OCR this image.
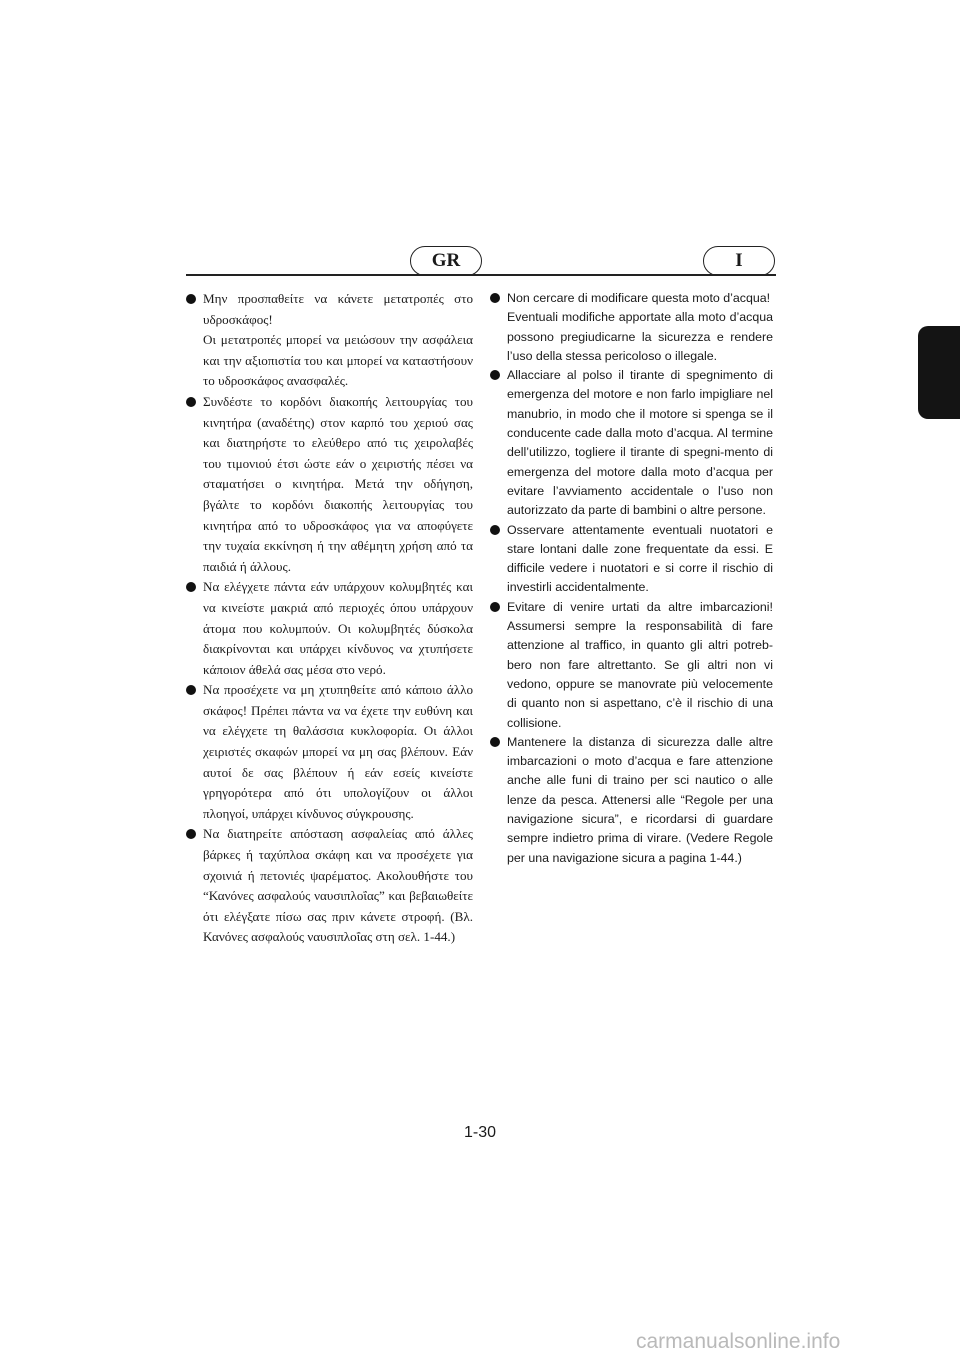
GR	I
Μην προσπαθείτε να κάνετε μετατροπές στο υδροσκάφος!
Οι μετατροπές μπορεί να μειώσουν την ασφάλεια και την αξιοπιστία του και μπορεί να καταστήσουν το υδροσκάφος ανασφαλές.
Συνδέστε το κορδόνι διακοπής λειτουργίας του κινητήρα (αναδέτης) στον καρπό του χεριού σας και διατηρήστε το ελεύθερο από τις χειρολαβές του τιμονιού έτσι ώστε εάν ο χειριστής πέσει να σταματήσει ο κινητήρα. Μετά την οδήγηση, βγάλτε το κορδόνι διακοπής λειτουργίας του κινητήρα από το υδροσκάφος για να αποφύγετε την τυχαία εκκίνηση ή την αθέμητη χρήση από τα παιδιά ή άλλους.
Να ελέγχετε πάντα εάν υπάρχουν κολυμβητές και να κινείστε μακριά από περιοχές όπου υπάρχουν άτομα που κολυμπούν. Οι κολυμβητές δύσκολα διακρίνονται και υπάρχει κίνδυνος να χτυπήσετε κάποιον άθελά σας μέσα στο νερό.
Να προσέχετε να μη χτυπηθείτε από κάποιο άλλο σκάφος! Πρέπει πάντα να να έχετε την ευθύνη και να ελέγχετε τη θαλάσσια κυκλοφορία. Οι άλλοι χειριστές σκαφών μπορεί να μη σας βλέπουν. Εάν αυτοί δε σας βλέπουν ή εάν εσείς κινείστε γρηγορότερα από ότι υπολογίζουν οι άλλοι πλοηγοί, υπάρχει κίνδυνος σύγκρουσης.
Να διατηρείτε απόσταση ασφαλείας από άλλες βάρκες ή ταχύπλοα σκάφη και να προσέχετε για σχοινιά ή πετονιές ψαρέματος. Ακολουθήστε του “Κανόνες ασφαλούς ναυσιπλοΐας” και βεβαιωθείτε ότι ελέγξατε πίσω σας πριν κάνετε στροφή. (Βλ. Κανόνες ασφαλούς ναυσιπλοΐας στη σελ. 1-44.)
Non cercare di modificare questa moto d’acqua!
Eventuali modifiche apportate alla moto d’acqua possono pregiudicarne la sicurezza e rendere l’uso della stessa pericoloso o illegale.
Allacciare al polso il tirante di spegnimento di emergenza del motore e non farlo impigliare nel manubrio, in modo che il motore si spenga se il conducente cade dalla moto d’acqua. Al termine dell’utilizzo, togliere il tirante di spegni-mento di emergenza del motore dalla moto d’acqua per evitare l’avviamento accidentale o l’uso non autorizzato da parte di bambini o altre persone.
Osservare attentamente eventuali nuotatori e stare lontani dalle zone frequentate da essi. E difficile vedere i nuotatori e si corre il rischio di investirli accidentalmente.
Evitare di venire urtati da altre imbarcazioni! Assumersi sempre la responsabilità di fare attenzione al traffico, in quanto gli altri potreb-bero non fare altrettanto. Se gli altri non vi vedono, oppure se manovrate più velocemente di quanto non si aspettano, c’è il rischio di una collisione.
Mantenere la distanza di sicurezza dalle altre imbarcazioni o moto d’acqua e fare attenzione anche alle funi di traino per sci nautico o alle lenze da pesca. Attenersi alle “Regole per una navigazione sicura”, e ricordarsi di guardare sempre indietro prima di virare. (Vedere Regole per una navigazione sicura a pagina 1-44.)
1-30
carmanualsonline.info
